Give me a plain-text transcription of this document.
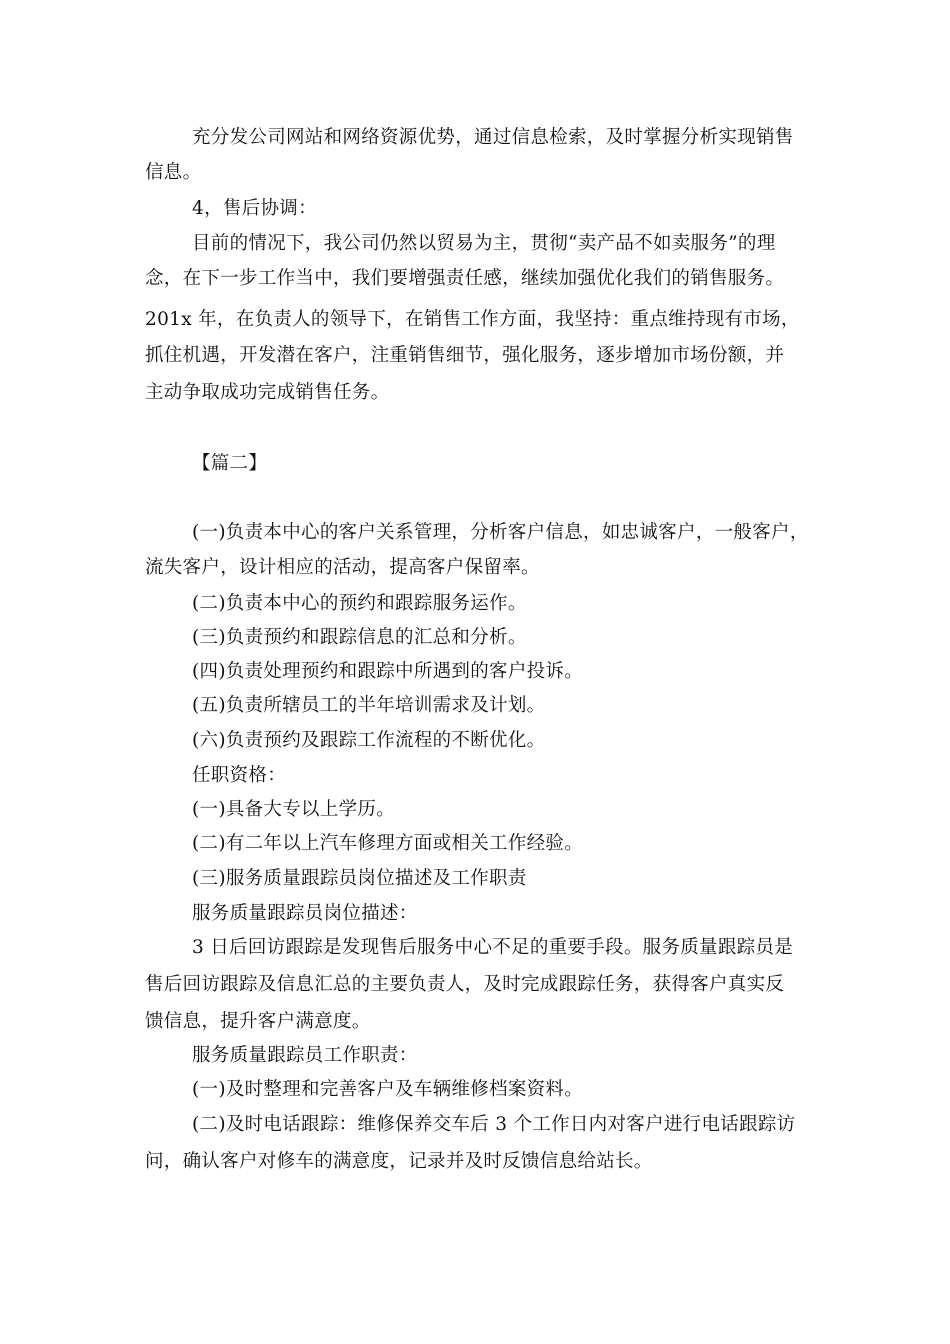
充分发公司网站和网络资源优势，通过信息检索，及时掌握分析实现销售
信息。
4，售后协调：
目前的情况下，我公司仍然以贸易为主，贯彻“卖产品不如卖服务”的理
念，在下一步工作当中，我们要增强责任感，继续加强优化我们的销售服务。
201x 年，在负责人的领导下，在销售工作方面，我坚持：重点维持现有市场，
抓住机遇，开发潜在客户，注重销售细节，强化服务，逐步增加市场份额，并
主动争取成功完成销售任务。
【篇二】
(一)负责本中心的客户关系管理，分析客户信息，如忠诚客户，一般客户，
流失客户，设计相应的活动，提高客户保留率。
(二)负责本中心的预约和跟踪服务运作。
(三)负责预约和跟踪信息的汇总和分析。
(四)负责处理预约和跟踪中所遇到的客户投诉。
(五)负责所辖员工的半年培训需求及计划。
(六)负责预约及跟踪工作流程的不断优化。
任职资格：
(一)具备大专以上学历。
(二)有二年以上汽车修理方面或相关工作经验。
(三)服务质量跟踪员岗位描述及工作职责
服务质量跟踪员岗位描述：
3 日后回访跟踪是发现售后服务中心不足的重要手段。服务质量跟踪员是
售后回访跟踪及信息汇总的主要负责人，及时完成跟踪任务，获得客户真实反
馈信息，提升客户满意度。
服务质量跟踪员工作职责：
(一)及时整理和完善客户及车辆维修档案资料。
(二)及时电话跟踪：维修保养交车后 3 个工作日内对客户进行电话跟踪访
问，确认客户对修车的满意度，记录并及时反馈信息给站长。
